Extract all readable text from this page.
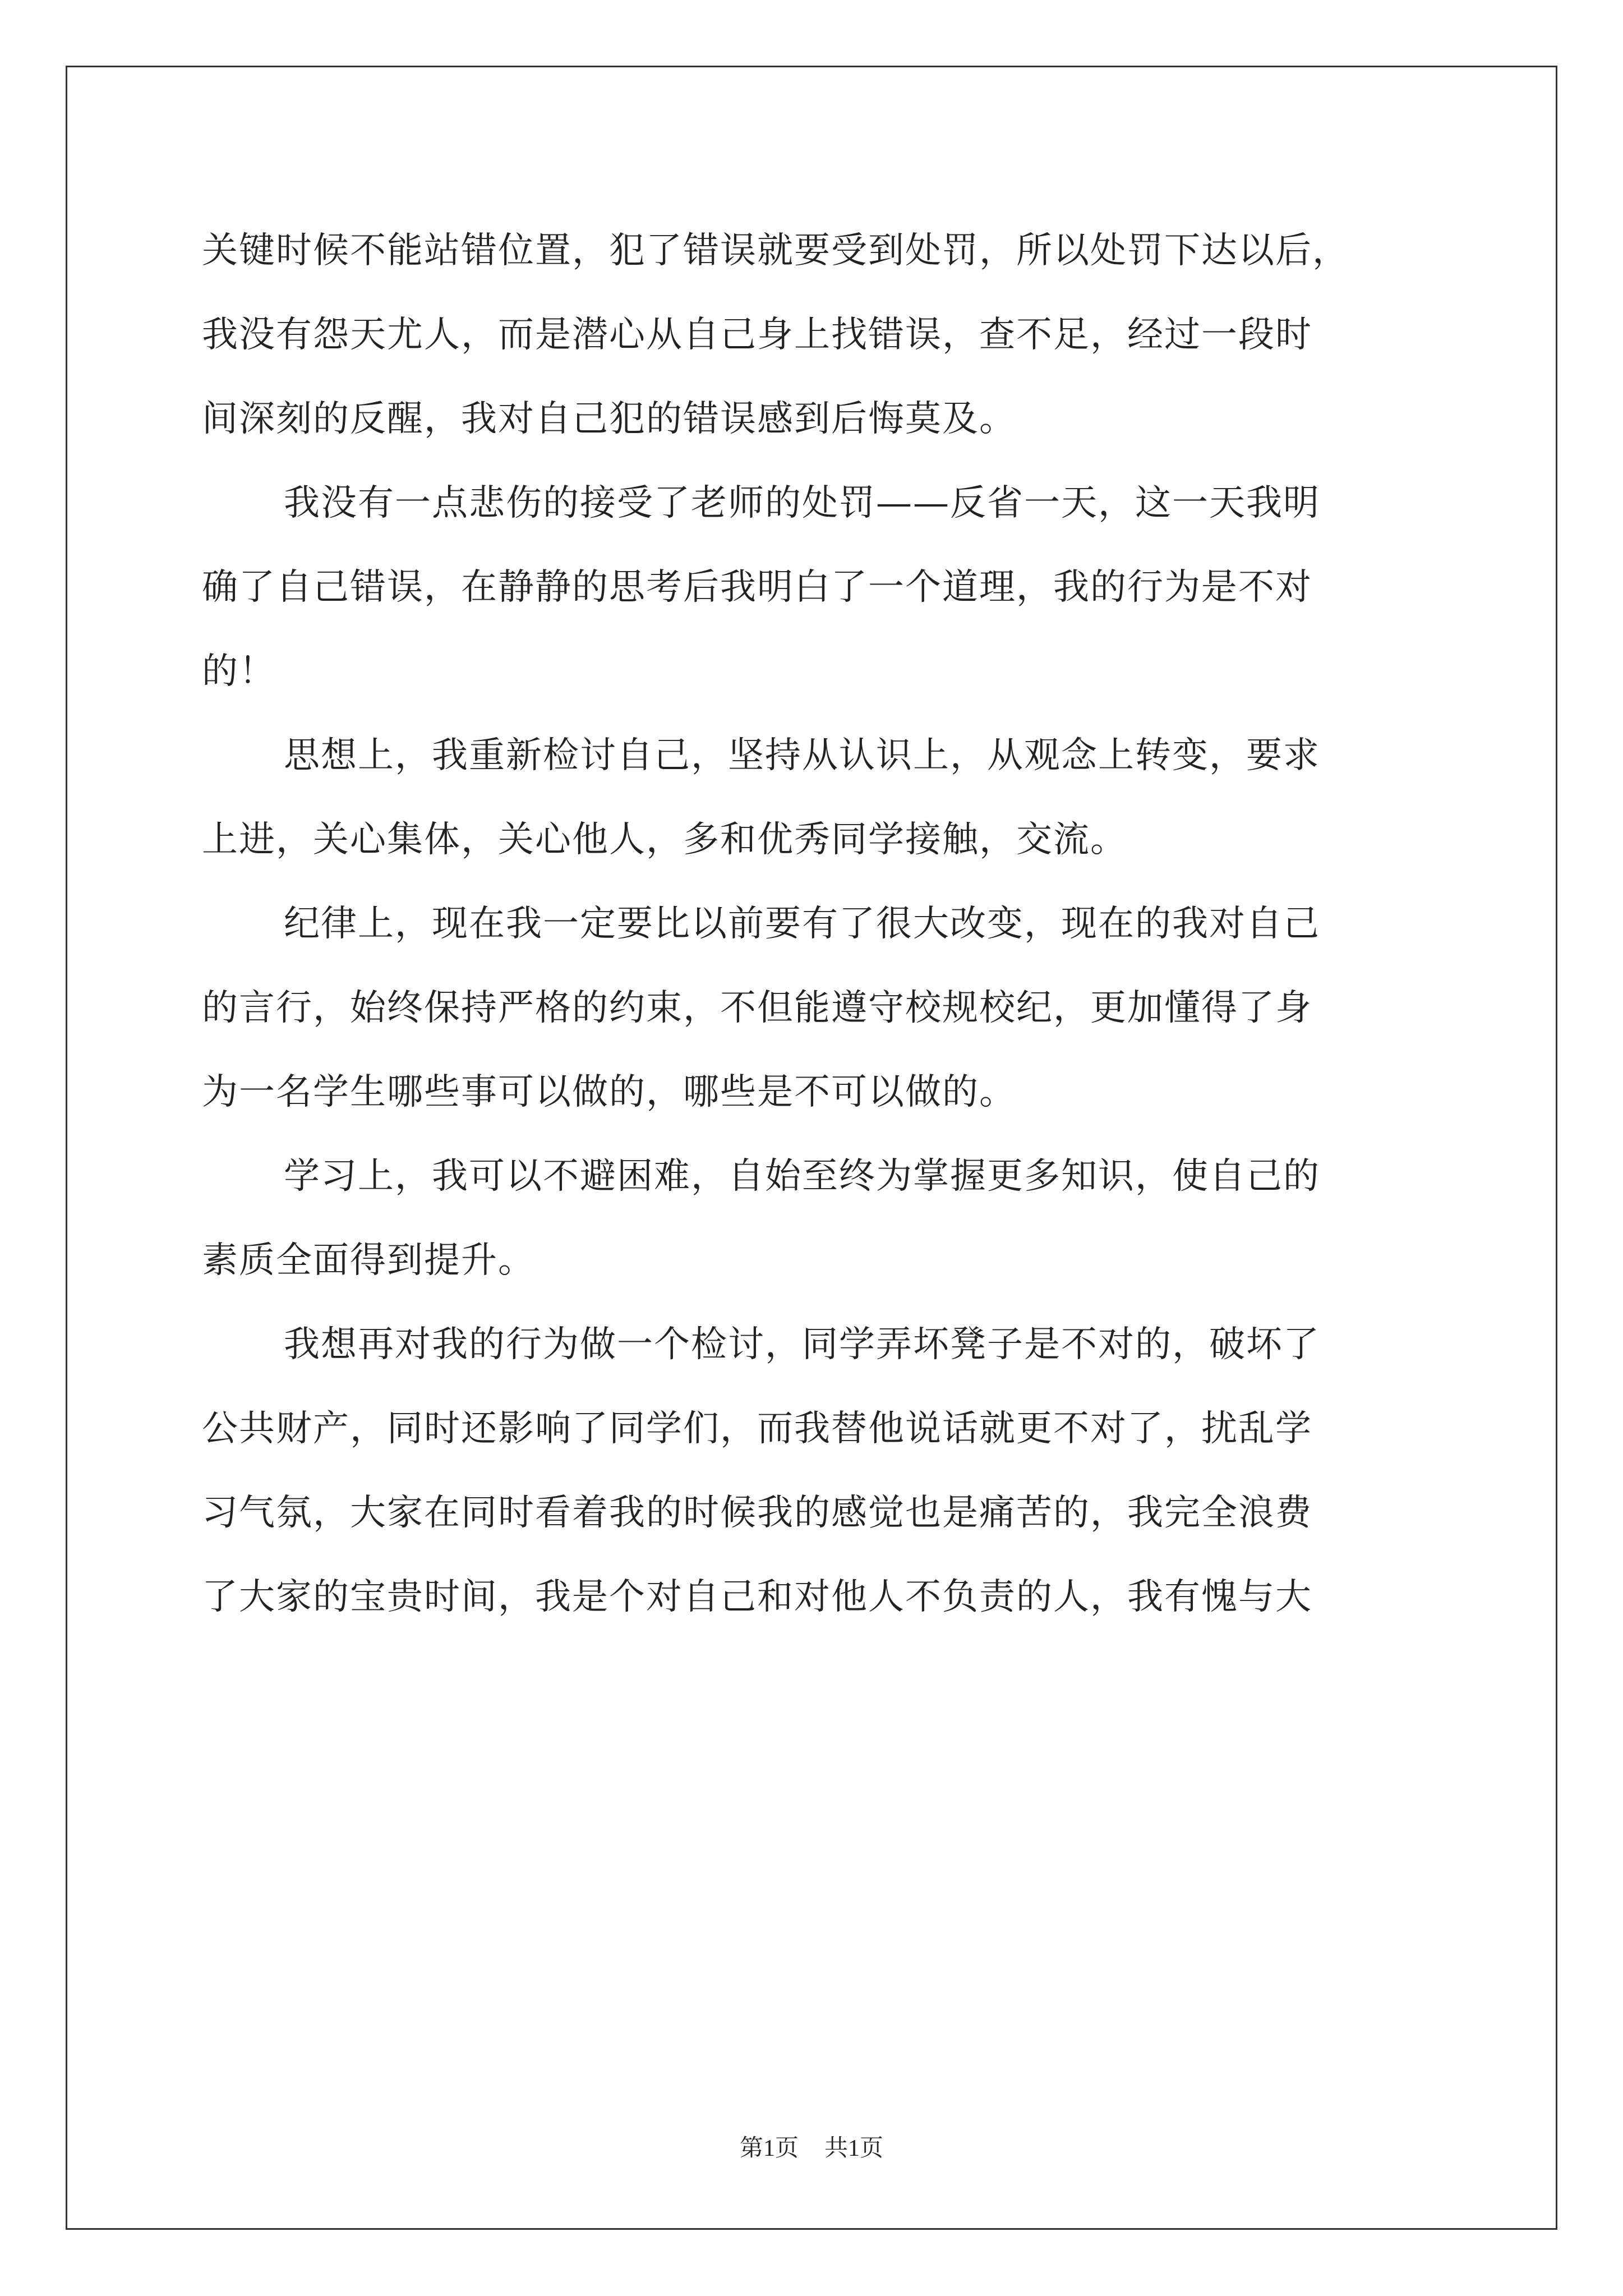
关键时候不能站错位置，犯了错误就要受到处罚，所以处罚下达以后，
我没有怨天尤人，而是潜心从自己身上找错误，查不足，经过一段时
间深刻的反醒，我对自己犯的错误感到后悔莫及。
我没有一点悲伤的接受了老师的处罚——反省一天，这一天我明
确了自己错误，在静静的思考后我明白了一个道理，我的行为是不对
的！
思想上，我重新检讨自己，坚持从认识上，从观念上转变，要求
上进，关心集体，关心他人，多和优秀同学接触，交流。
纪律上，现在我一定要比以前要有了很大改变，现在的我对自己
的言行，始终保持严格的约束，不但能遵守校规校纪，更加懂得了身
为一名学生哪些事可以做的，哪些是不可以做的。
学习上，我可以不避困难，自始至终为掌握更多知识，使自己的
素质全面得到提升。
我想再对我的行为做一个检讨，同学弄坏凳子是不对的，破坏了
公共财产，同时还影响了同学们，而我替他说话就更不对了，扰乱学
习气氛，大家在同时看着我的时候我的感觉也是痛苦的，我完全浪费
了大家的宝贵时间，我是个对自己和对他人不负责的人，我有愧与大
第1页 共1页
